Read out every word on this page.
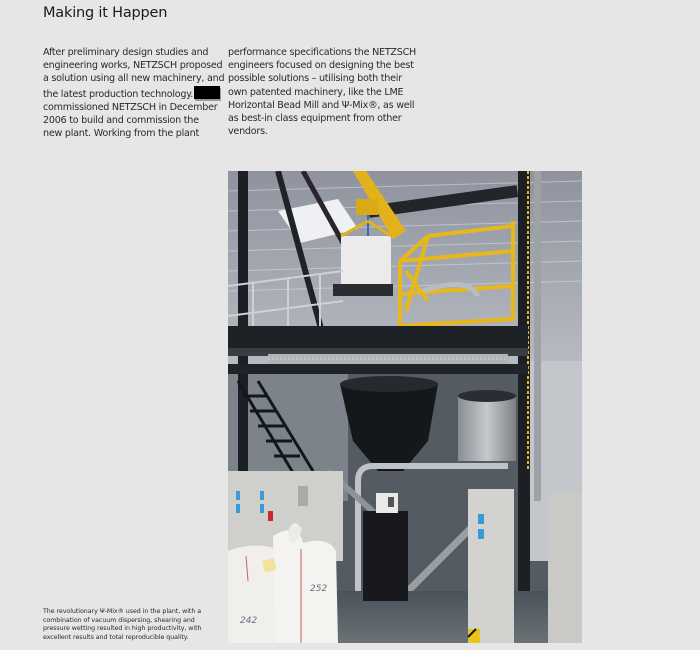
Making it Happen

After preliminary design studies and

engineering works, NETZSCH proposed

a solution using all new machinery, and

the latest production technology.

commissioned NETZSCH in December

2006 to build and commission the

new plant. Working from the plant

performance specifications the NETZSCH

engineers focused on designing the best

possible solutions – utilising both their

own patented machinery, like the LME

Horizontal Bead Mill and Ψ-Mix®, as well

as best-in class equipment from other

vendors.

252
242

The revolutionary Ψ-Mix® used in the plant, with a

combination of vacuum dispersing, shearing and

pressure wetting resulted in high productivity, with

excellent results and total reproducible quality.
